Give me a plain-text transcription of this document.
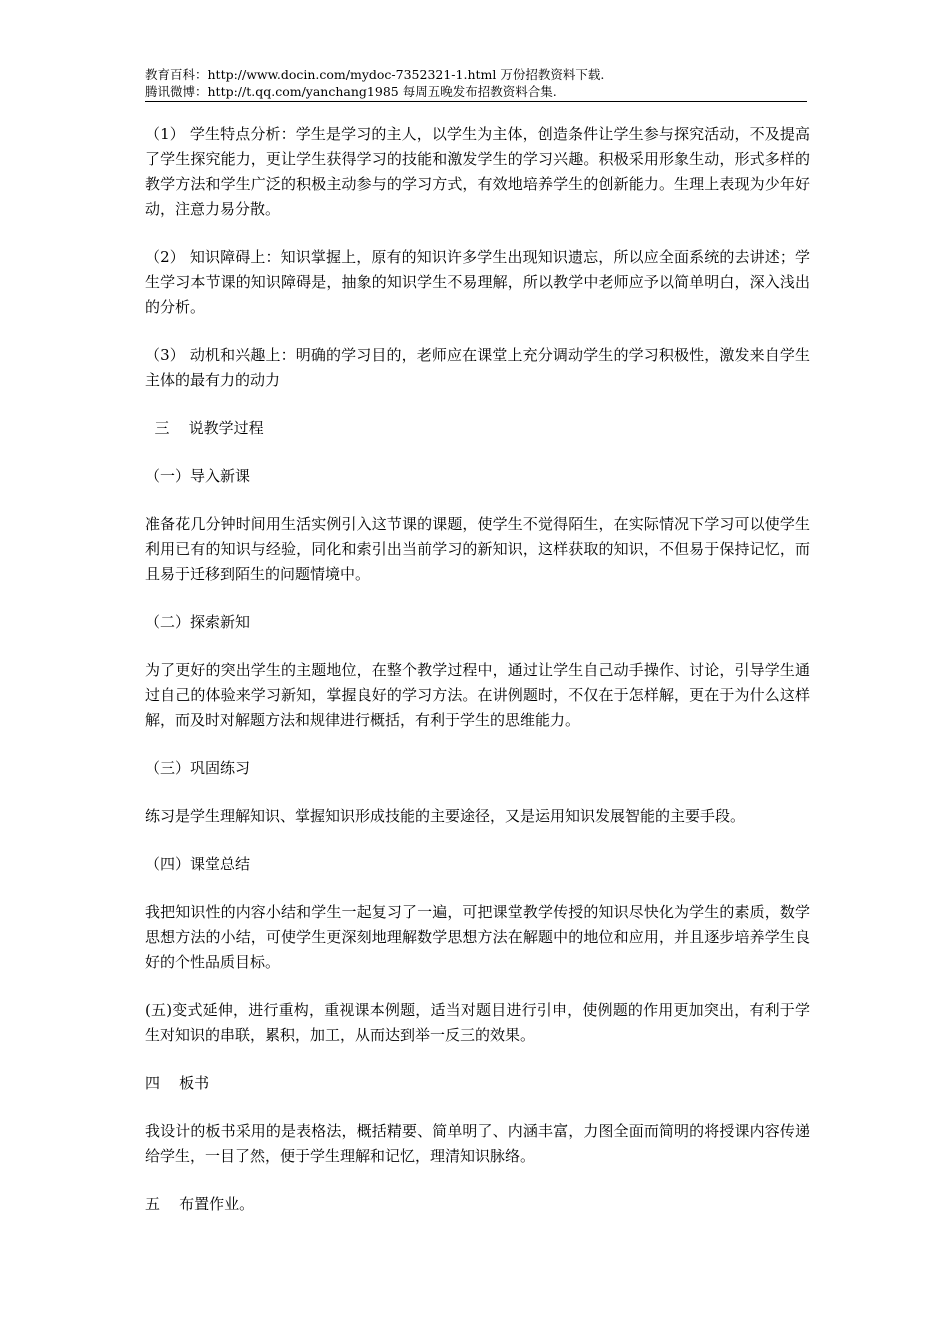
教育百科：http://www.docin.com/mydoc-7352321-1.html 万份招教资料下载.
腾讯微博：http://t.qq.com/yanchang1985 每周五晚发布招教资料合集.

（1） 学生特点分析：学生是学习的主人，以学生为主体，创造条件让学生参与探究活动，不及提高了学生探究能力，更让学生获得学习的技能和激发学生的学习兴趣。积极采用形象生动，形式多样的教学方法和学生广泛的积极主动参与的学习方式，有效地培养学生的创新能力。生理上表现为少年好动，注意力易分散。

（2） 知识障碍上：知识掌握上，原有的知识许多学生出现知识遗忘，所以应全面系统的去讲述；学生学习本节课的知识障碍是，抽象的知识学生不易理解，所以教学中老师应予以简单明白，深入浅出的分析。

（3） 动机和兴趣上：明确的学习目的，老师应在课堂上充分调动学生的学习积极性，激发来自学生主体的最有力的动力

三    说教学过程

（一）导入新课

准备花几分钟时间用生活实例引入这节课的课题，使学生不觉得陌生，在实际情况下学习可以使学生利用已有的知识与经验，同化和索引出当前学习的新知识，这样获取的知识，不但易于保持记忆，而且易于迁移到陌生的问题情境中。

（二）探索新知

为了更好的突出学生的主题地位，在整个教学过程中，通过让学生自己动手操作、讨论，引导学生通过自己的体验来学习新知，掌握良好的学习方法。在讲例题时，不仅在于怎样解，更在于为什么这样解，而及时对解题方法和规律进行概括，有利于学生的思维能力。

（三）巩固练习

练习是学生理解知识、掌握知识形成技能的主要途径，又是运用知识发展智能的主要手段。

（四）课堂总结

我把知识性的内容小结和学生一起复习了一遍，可把课堂教学传授的知识尽快化为学生的素质，数学思想方法的小结，可使学生更深刻地理解数学思想方法在解题中的地位和应用，并且逐步培养学生良好的个性品质目标。

(五)变式延伸，进行重构，重视课本例题，适当对题目进行引申，使例题的作用更加突出，有利于学生对知识的串联，累积，加工，从而达到举一反三的效果。

四    板书

我设计的板书采用的是表格法，概括精要、简单明了、内涵丰富，力图全面而简明的将授课内容传递给学生，一目了然，便于学生理解和记忆，理清知识脉络。

五    布置作业。
